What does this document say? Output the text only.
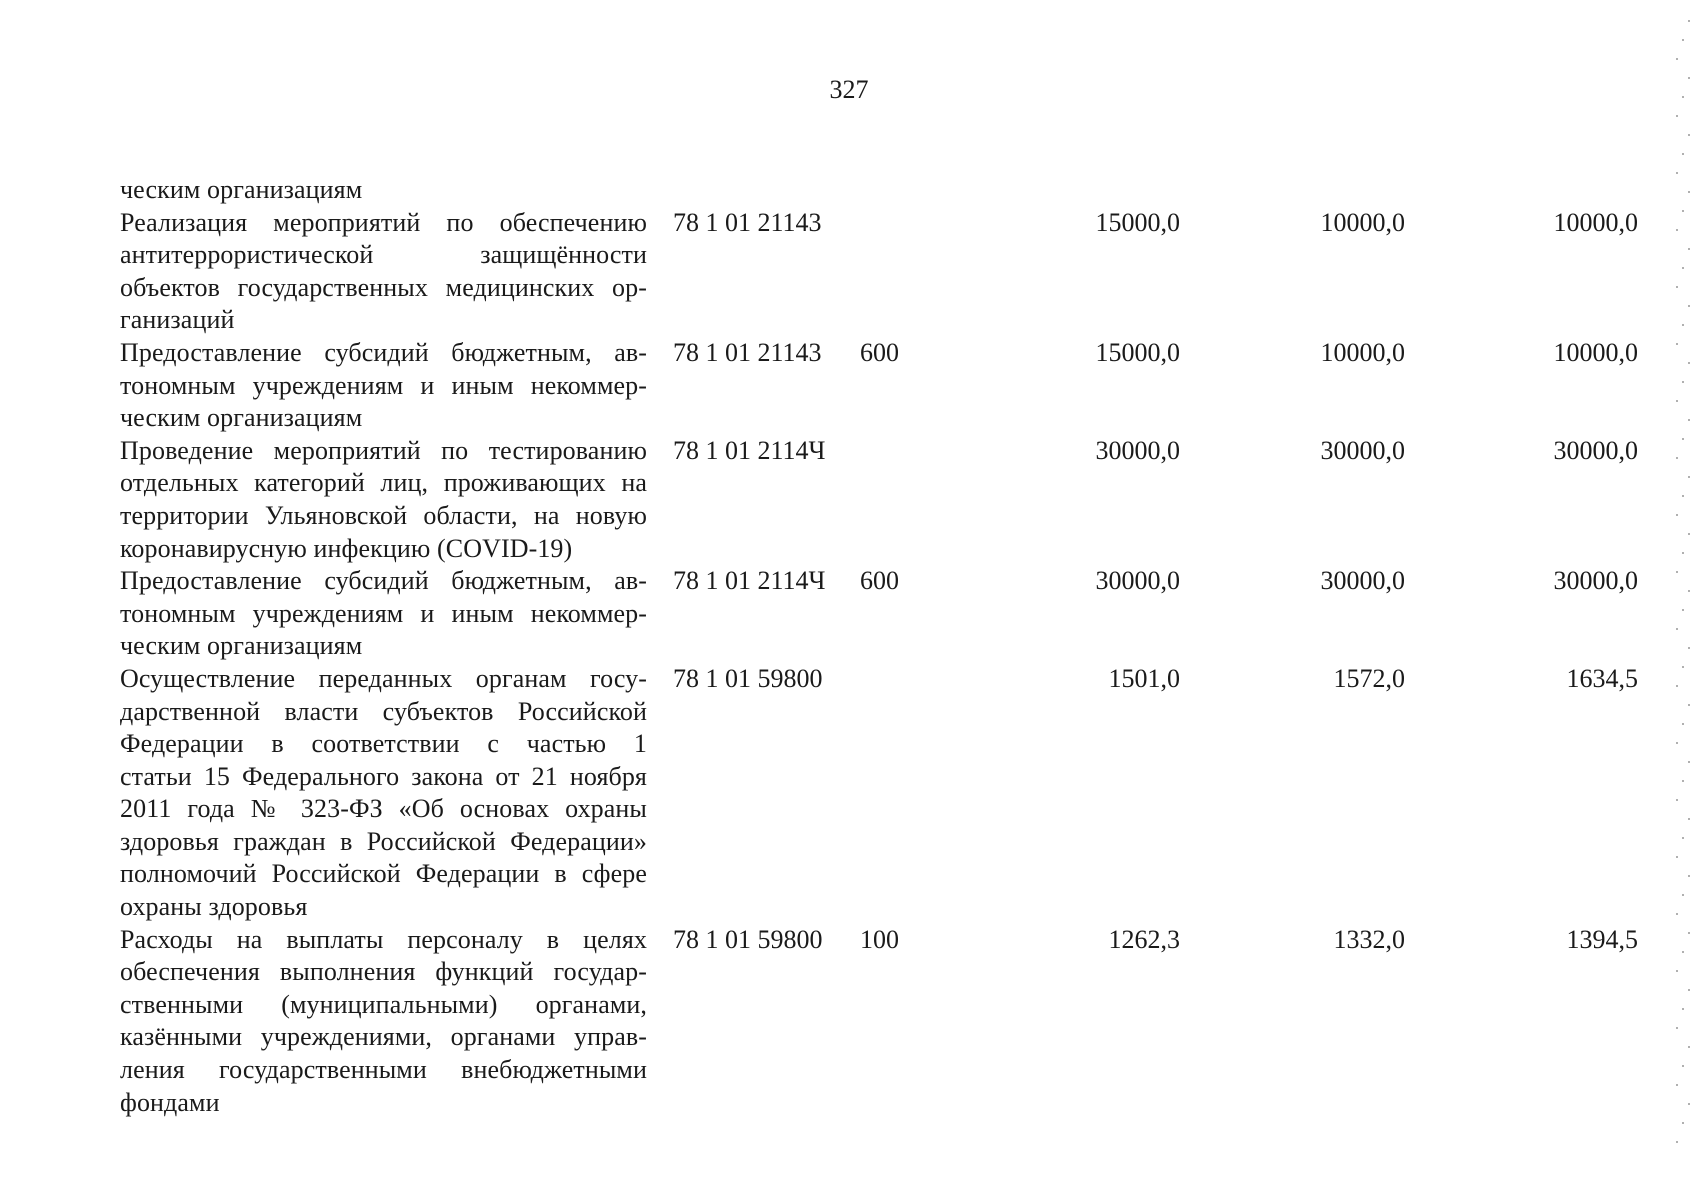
327
ческим организациям
Реализация мероприятий по обеспечению
антитеррористической защищённости
объектов государственных медицинских ор-
ганизаций
78 1 01 21143	15000,0	10000,0	10000,0
Предоставление субсидий бюджетным, ав-
тономным учреждениям и иным некоммер-
ческим организациям
78 1 01 21143 600	15000,0	10000,0	10000,0
Проведение мероприятий по тестированию
отдельных категорий лиц, проживающих на
территории Ульяновской области, на новую
коронавирусную инфекцию (COVID-19)
78 1 01 2114Ч	30000,0	30000,0	30000,0
Предоставление субсидий бюджетным, ав-
тономным учреждениям и иным некоммер-
ческим организациям
78 1 01 2114Ч 600	30000,0	30000,0	30000,0
Осуществление переданных органам госу-
дарственной власти субъектов Российской
Федерации в соответствии с частью 1
статьи 15 Федерального закона от 21 ноября
2011 года № 323-ФЗ «Об основах охраны
здоровья граждан в Российской Федерации»
полномочий Российской Федерации в сфере
охраны здоровья
78 1 01 59800	1501,0	1572,0	1634,5
Расходы на выплаты персоналу в целях
обеспечения выполнения функций государ-
ственными (муниципальными) органами,
казёнными учреждениями, органами управ-
ления государственными внебюджетными
фондами
78 1 01 59800 100	1262,3	1332,0	1394,5
